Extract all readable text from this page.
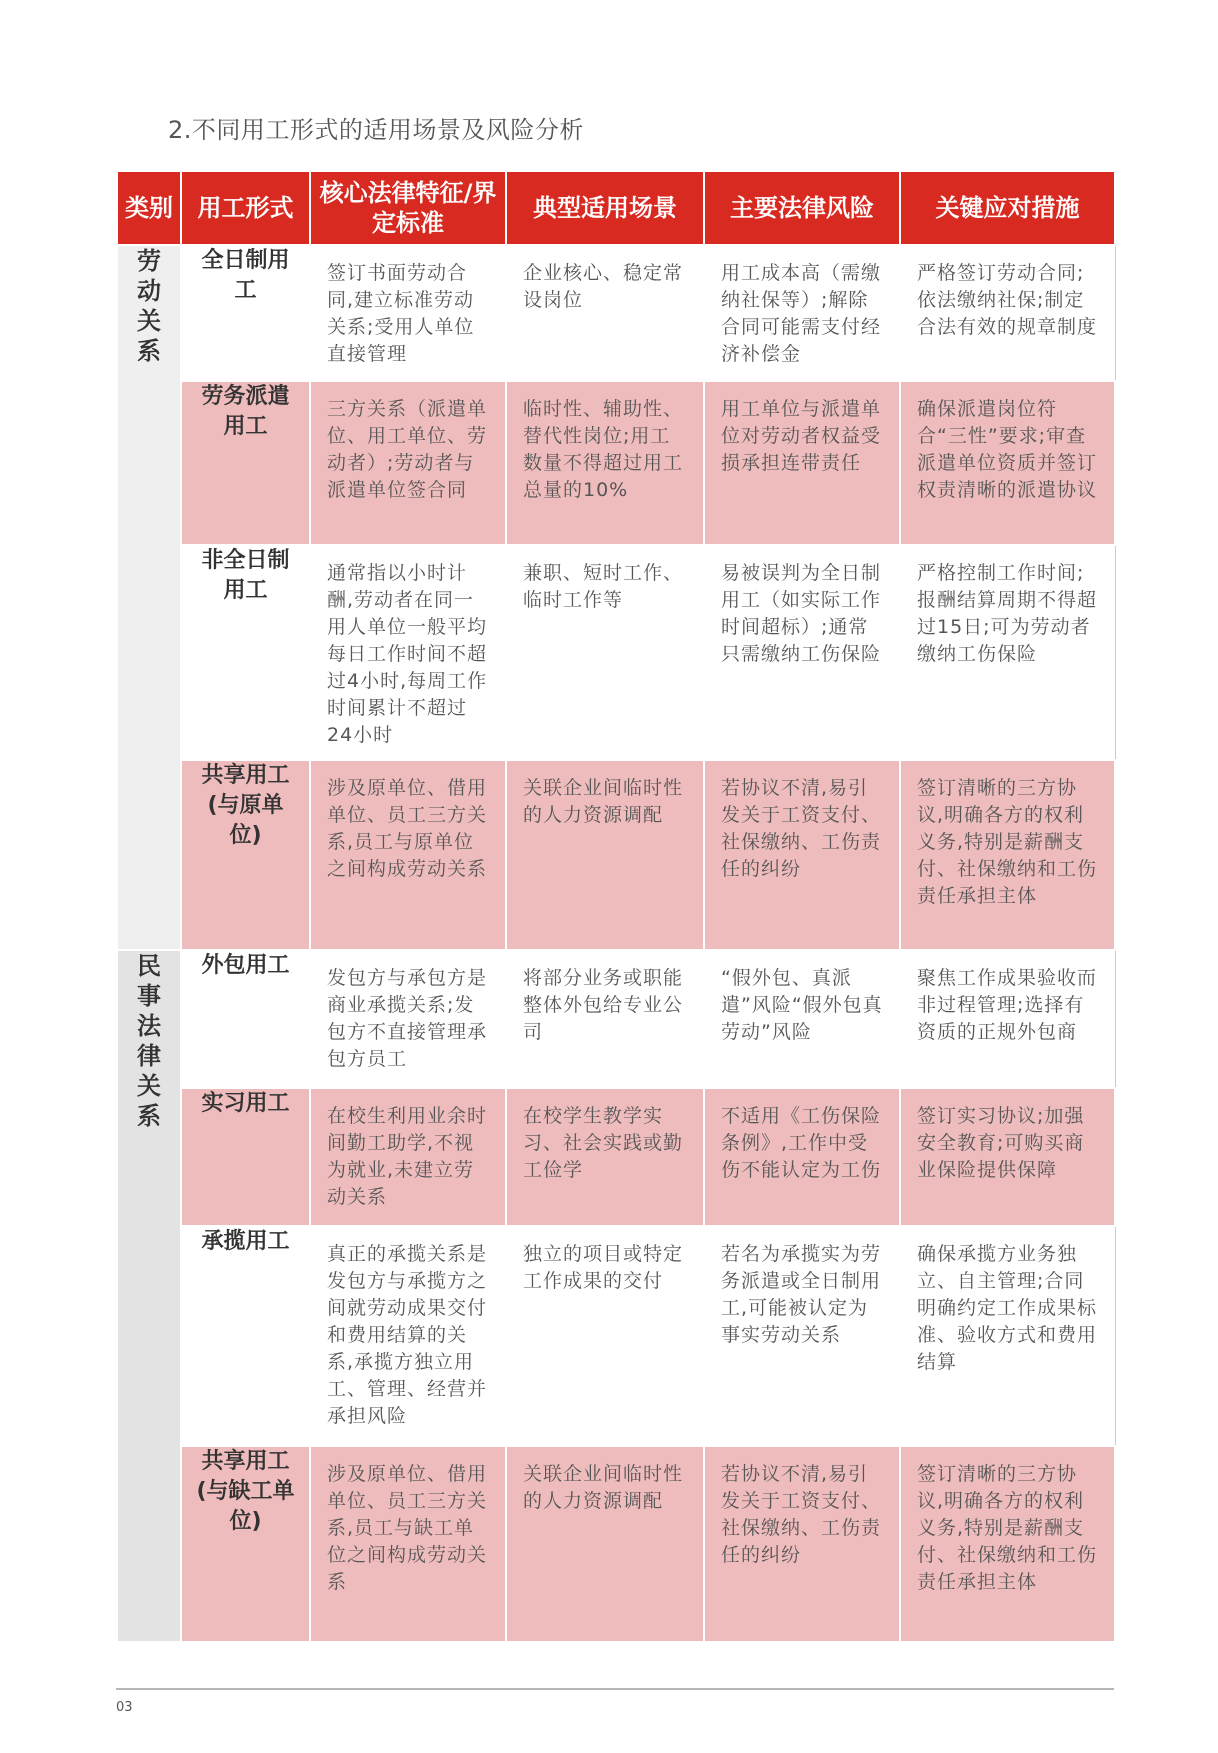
2.不同用工形式的适用场景及风险分析
类别	用工形式	核心法律特征/界定标准	典型适用场景	主要法律风险	关键应对措施
劳动关系	全日制用工	签订书面劳动合同,建立标准劳动关系;受用人单位直接管理	企业核心、稳定常设岗位	用工成本高（需缴纳社保等）;解除合同可能需支付经济补偿金	严格签订劳动合同;依法缴纳社保;制定合法有效的规章制度
	劳务派遣用工	三方关系（派遣单位、用工单位、劳动者）;劳动者与派遣单位签合同	临时性、辅助性、替代性岗位;用工数量不得超过用工总量的10%	用工单位与派遣单位对劳动者权益受损承担连带责任	确保派遣岗位符合“三性”要求;审查派遣单位资质并签订权责清晰的派遣协议
	非全日制用工	通常指以小时计酬,劳动者在同一用人单位一般平均每日工作时间不超过4小时,每周工作时间累计不超过24小时	兼职、短时工作、临时工作等	易被误判为全日制用工（如实际工作时间超标）;通常只需缴纳工伤保险	严格控制工作时间;报酬结算周期不得超过15日;可为劳动者缴纳工伤保险
	共享用工(与原单位)	涉及原单位、借用单位、员工三方关系,员工与原单位之间构成劳动关系	关联企业间临时性的人力资源调配	若协议不清,易引发关于工资支付、社保缴纳、工伤责任的纠纷	签订清晰的三方协议,明确各方的权利义务,特别是薪酬支付、社保缴纳和工伤责任承担主体
民事法律关系	外包用工	发包方与承包方是商业承揽关系;发包方不直接管理承包方员工	将部分业务或职能整体外包给专业公司	“假外包、真派遣”风险“假外包真劳动”风险	聚焦工作成果验收而非过程管理;选择有资质的正规外包商
	实习用工	在校生利用业余时间勤工助学,不视为就业,未建立劳动关系	在校学生教学实习、社会实践或勤工俭学	不适用《工伤保险条例》,工作中受伤不能认定为工伤	签订实习协议;加强安全教育;可购买商业保险提供保障
	承揽用工	真正的承揽关系是发包方与承揽方之间就劳动成果交付和费用结算的关系,承揽方独立用工、管理、经营并承担风险	独立的项目或特定工作成果的交付	若名为承揽实为劳务派遣或全日制用工,可能被认定为事实劳动关系	确保承揽方业务独立、自主管理;合同明确约定工作成果标准、验收方式和费用结算
	共享用工(与缺工单位)	涉及原单位、借用单位、员工三方关系,员工与缺工单位之间构成劳动关系	关联企业间临时性的人力资源调配	若协议不清,易引发关于工资支付、社保缴纳、工伤责任的纠纷	签订清晰的三方协议,明确各方的权利义务,特别是薪酬支付、社保缴纳和工伤责任承担主体
03
